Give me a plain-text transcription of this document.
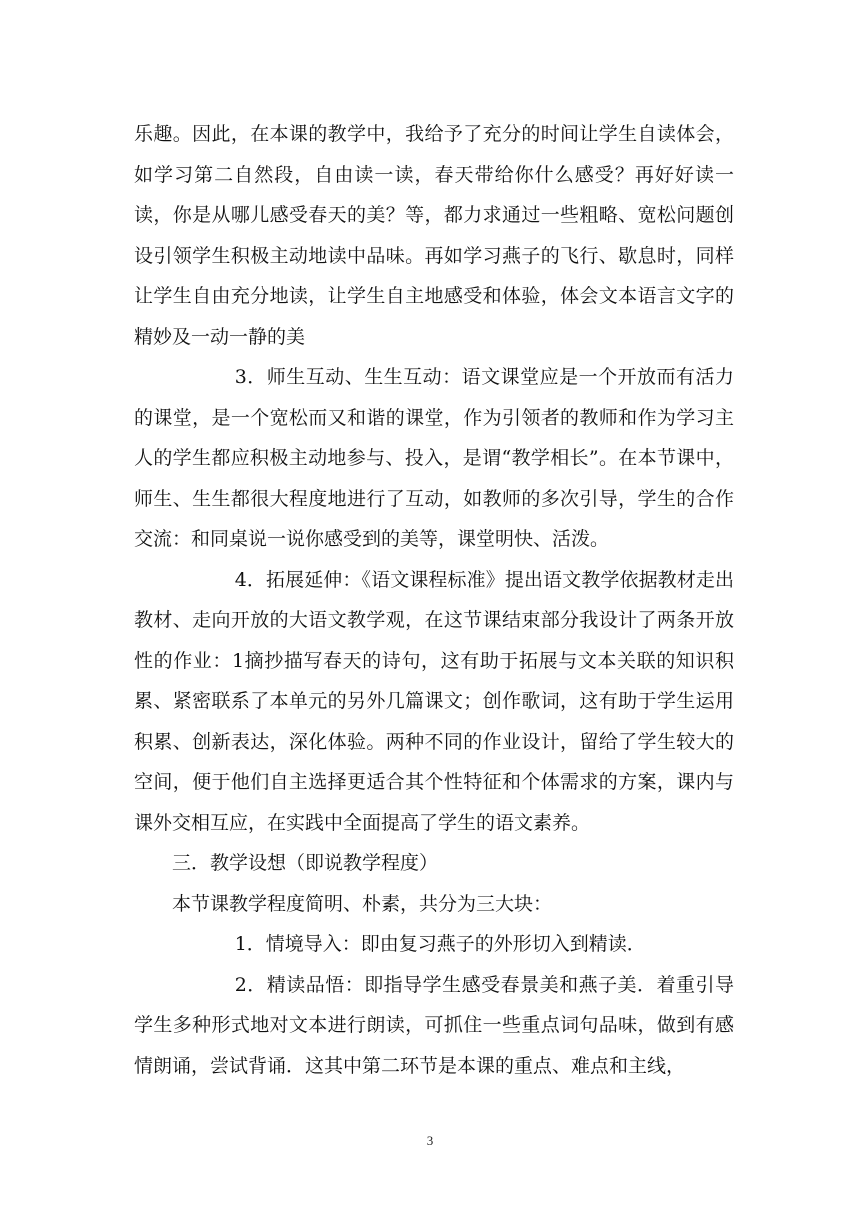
乐趣。因此，在本课的教学中，我给予了充分的时间让学生自读体会，如学习第二自然段，自由读一读，春天带给你什么感受？再好好读一读，你是从哪儿感受春天的美？等，都力求通过一些粗略、宽松问题创设引领学生积极主动地读中品味。再如学习燕子的飞行、歇息时，同样让学生自由充分地读，让学生自主地感受和体验，体会文本语言文字的精妙及一动一静的美

3．师生互动、生生互动：语文课堂应是一个开放而有活力的课堂，是一个宽松而又和谐的课堂，作为引领者的教师和作为学习主人的学生都应积极主动地参与、投入，是谓“教学相长”。在本节课中，师生、生生都很大程度地进行了互动，如教师的多次引导，学生的合作交流：和同桌说一说你感受到的美等，课堂明快、活泼。

4．拓展延伸：《语文课程标准》提出语文教学依据教材走出教材、走向开放的大语文教学观，在这节课结束部分我设计了两条开放性的作业：1摘抄描写春天的诗句，这有助于拓展与文本关联的知识积累、紧密联系了本单元的另外几篇课文；创作歌词，这有助于学生运用积累、创新表达，深化体验。两种不同的作业设计，留给了学生较大的空间，便于他们自主选择更适合其个性特征和个体需求的方案，课内与课外交相互应，在实践中全面提高了学生的语文素养。

三．教学设想（即说教学程度）

本节课教学程度简明、朴素，共分为三大块：

1．情境导入：即由复习燕子的外形切入到精读．

2．精读品悟：即指导学生感受春景美和燕子美．着重引导学生多种形式地对文本进行朗读，可抓住一些重点词句品味，做到有感情朗诵，尝试背诵．这其中第二环节是本课的重点、难点和主线，

3
